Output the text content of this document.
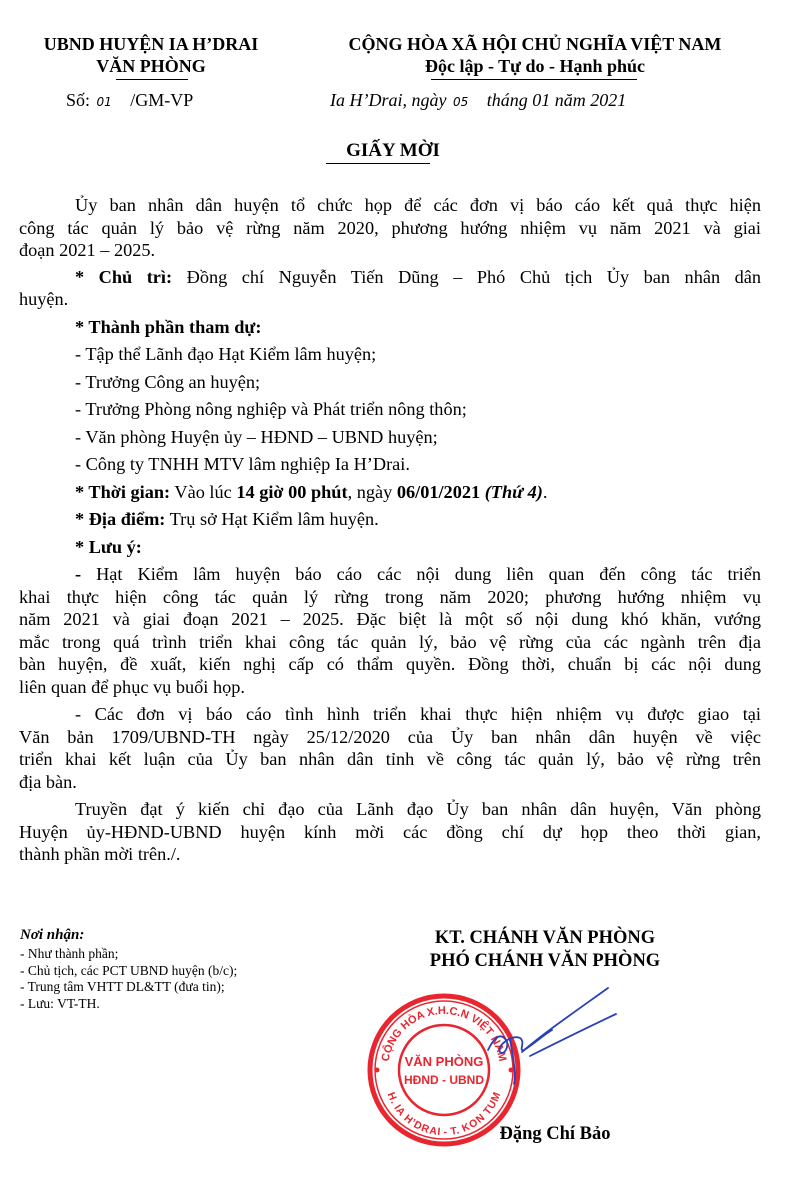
UBND HUYỆN IA H’DRAI
VĂN PHÒNG
Số: 01 /GM-VP
CỘNG HÒA XÃ HỘI CHỦ NGHĨA VIỆT NAM
Độc lập - Tự do - Hạnh phúc
Ia H’Drai, ngày 05 tháng 01 năm 2021
GIẤY MỜI
Ủy ban nhân dân huyện tổ chức họp để các đơn vị báo cáo kết quả thực hiện
công tác quản lý bảo vệ rừng năm 2020, phương hướng nhiệm vụ năm 2021 và giai
đoạn 2021 – 2025.
* Chủ trì: Đồng chí Nguyễn Tiến Dũng – Phó Chủ tịch Ủy ban nhân dân
huyện.
* Thành phần tham dự:
- Tập thể Lãnh đạo Hạt Kiểm lâm huyện;
- Trưởng Công an huyện;
- Trưởng Phòng nông nghiệp và Phát triển nông thôn;
- Văn phòng Huyện ủy – HĐND – UBND huyện;
- Công ty TNHH MTV lâm nghiệp Ia H’Drai.
* Thời gian: Vào lúc 14 giờ 00 phút, ngày 06/01/2021 (Thứ 4).
* Địa điểm: Trụ sở Hạt Kiểm lâm huyện.
* Lưu ý:
- Hạt Kiểm lâm huyện báo cáo các nội dung liên quan đến công tác triển
khai thực hiện công tác quản lý rừng trong năm 2020; phương hướng nhiệm vụ
năm 2021 và giai đoạn 2021 – 2025. Đặc biệt là một số nội dung khó khăn, vướng
mắc trong quá trình triển khai công tác quản lý, bảo vệ rừng của các ngành trên địa
bàn huyện, đề xuất, kiến nghị cấp có thẩm quyền. Đồng thời, chuẩn bị các nội dung
liên quan để phục vụ buổi họp.
- Các đơn vị báo cáo tình hình triển khai thực hiện nhiệm vụ được giao tại
Văn bản 1709/UBND-TH ngày 25/12/2020 của Ủy ban nhân dân huyện về việc
triển khai kết luận của Ủy ban nhân dân tỉnh về công tác quản lý, bảo vệ rừng trên
địa bàn.
Truyền đạt ý kiến chỉ đạo của Lãnh đạo Ủy ban nhân dân huyện, Văn phòng
Huyện ủy-HĐND-UBND huyện kính mời các đồng chí dự họp theo thời gian,
thành phần mời trên./.
Nơi nhận:
- Như thành phần;
- Chủ tịch, các PCT UBND huyện (b/c);
- Trung tâm VHTT DL&TT (đưa tin);
- Lưu: VT-TH.
KT. CHÁNH VĂN PHÒNG
PHÓ CHÁNH VĂN PHÒNG
CỘNG HÒA X.H.C.N VIỆT NAM
H. IA H’DRAI - T. KON TUM
VĂN PHÒNG
HĐND - UBND
Đặng Chí Bảo
